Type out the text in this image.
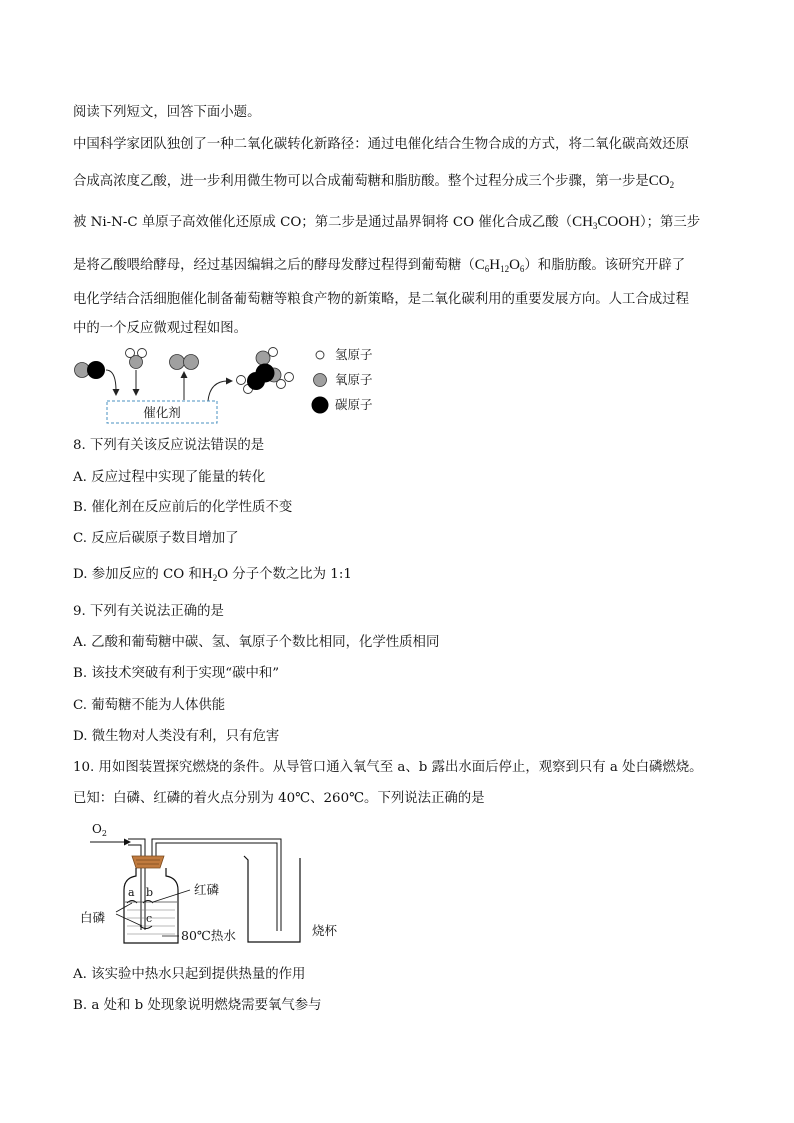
阅读下列短文，回答下面小题。
中国科学家团队独创了一种二氧化碳转化新路径：通过电催化结合生物合成的方式，将二氧化碳高效还原
合成高浓度乙酸，进一步利用微生物可以合成葡萄糖和脂肪酸。整个过程分成三个步骤，第一步是$CO_2$
被 Ni-N-C 单原子高效催化还原成 CO；第二步是通过晶界铜将 CO 催化合成乙酸$(CH_3COOH)$；第三步
是将乙酸喂给酵母，经过基因编辑之后的酵母发酵过程得到葡萄糖$(C_6H_{12}O_6)$和脂肪酸。该研究开辟了
电化学结合活细胞催化制备葡萄糖等粮食产物的新策略，是二氧化碳利用的重要发展方向。人工合成过程
中的一个反应微观过程如图。
催化剂
氢原子
氧原子
碳原子
8. 下列有关该反应说法错误的是
A. 反应过程中实现了能量的转化
B. 催化剂在反应前后的化学性质不变
C. 反应后碳原子数目增加了
D. 参加反应的 CO 和$H_2O$ 分子个数之比为 1:1
9. 下列有关说法正确的是
A. 乙酸和葡萄糖中碳、氢、氧原子个数比相同，化学性质相同
B. 该技术突破有利于实现“碳中和”
C. 葡萄糖不能为人体供能
D. 微生物对人类没有利，只有危害
10. 用如图装置探究燃烧的条件。从导管口通入氧气至 a、b 露出水面后停止，观察到只有 a 处白磷燃烧。
已知：白磷、红磷的着火点分别为 40℃、260℃。下列说法正确的是
$O_2$
a b
c
红磷
白磷
80℃热水	烧杯
A. 该实验中热水只起到提供热量的作用
B. a 处和 b 处现象说明燃烧需要氧气参与
